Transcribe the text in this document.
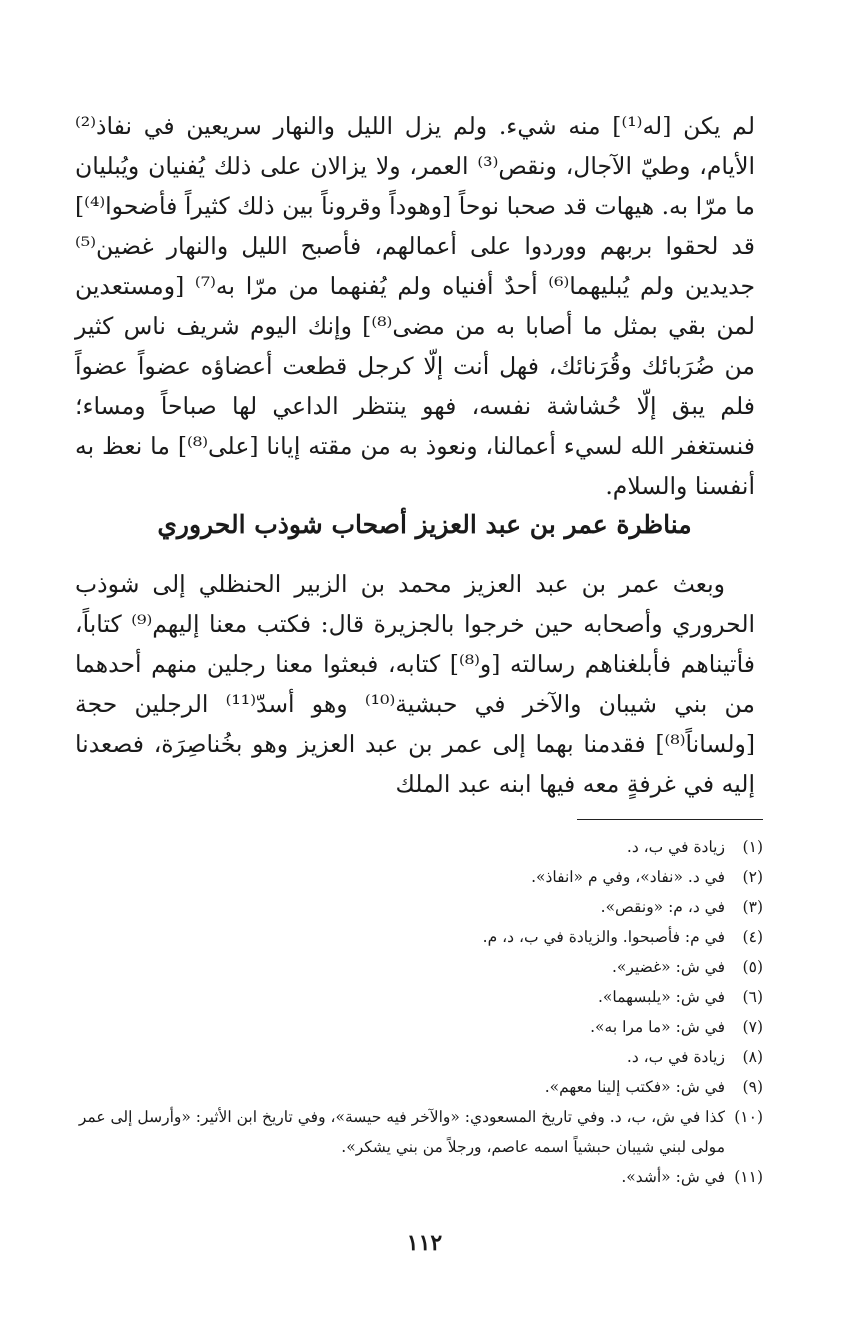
لم يكن [له⁽¹⁾] منه شيء. ولم يزل الليل والنهار سريعين في نفاذ⁽²⁾ الأيام، وطيّ الآجال، ونقص⁽³⁾ العمر، ولا يزالان على ذلك يُفنيان ويُبليان ما مرّا به. هيهات قد صحبا نوحاً [وهوداً وقروناً بين ذلك كثيراً فأضحوا⁽⁴⁾] قد لحقوا بربهم ووردوا على أعمالهم، فأصبح الليل والنهار غضين⁽⁵⁾ جديدين ولم يُبليهما⁽⁶⁾ أحدٌ أفنياه ولم يُفنهما من مرّا به⁽⁷⁾ [ومستعدين لمن بقي بمثل ما أصابا به من مضى⁽⁸⁾] وإنك اليوم شريف ناس كثير من ضُرَبائك وقُرَنائك، فهل أنت إلّا كرجل قطعت أعضاؤه عضواً عضواً فلم يبق إلّا حُشاشة نفسه، فهو ينتظر الداعي لها صباحاً ومساء؛ فنستغفر الله لسيء أعمالنا، ونعوذ به من مقته إيانا [على⁽⁸⁾] ما نعظ به أنفسنا والسلام.

مناظرة عمر بن عبد العزيز أصحاب شوذب الحروري

وبعث عمر بن عبد العزيز محمد بن الزبير الحنظلي إلى شوذب الحروري وأصحابه حين خرجوا بالجزيرة قال: فكتب معنا إليهم⁽⁹⁾ كتاباً، فأتيناهم فأبلغناهم رسالته [و⁽⁸⁾] كتابه، فبعثوا معنا رجلين منهم أحدهما من بني شيبان والآخر في حبشية⁽¹⁰⁾ وهو أسدّ⁽¹¹⁾ الرجلين حجة [ولساناً⁽⁸⁾] فقدمنا بهما إلى عمر بن عبد العزيز وهو بخُناصِرَة، فصعدنا إليه في غرفةٍ معه فيها ابنه عبد الملك

(١)
زيادة في ب، د.
(٢)
في د. «نفاد»، وفي م «انفاذ».
(٣)
في د، م: «ونقص».
(٤)
في م: فأصبحوا. والزيادة في ب، د، م.
(٥)
في ش: «غضير».
(٦)
في ش: «يلبسهما».
(٧)
في ش: «ما مرا به».
(٨)
زيادة في ب، د.
(٩)
في ش: «فكتب إلينا معهم».
(١٠)
كذا في ش، ب، د. وفي تاريخ المسعودي: «والآخر فيه حيسة»، وفي تاريخ ابن الأثير: «وأرسل إلى عمر مولى لبني شيبان حبشياً اسمه عاصم، ورجلاً من بني يشكر».
(١١)
في ش: «أشد».
١١٢
